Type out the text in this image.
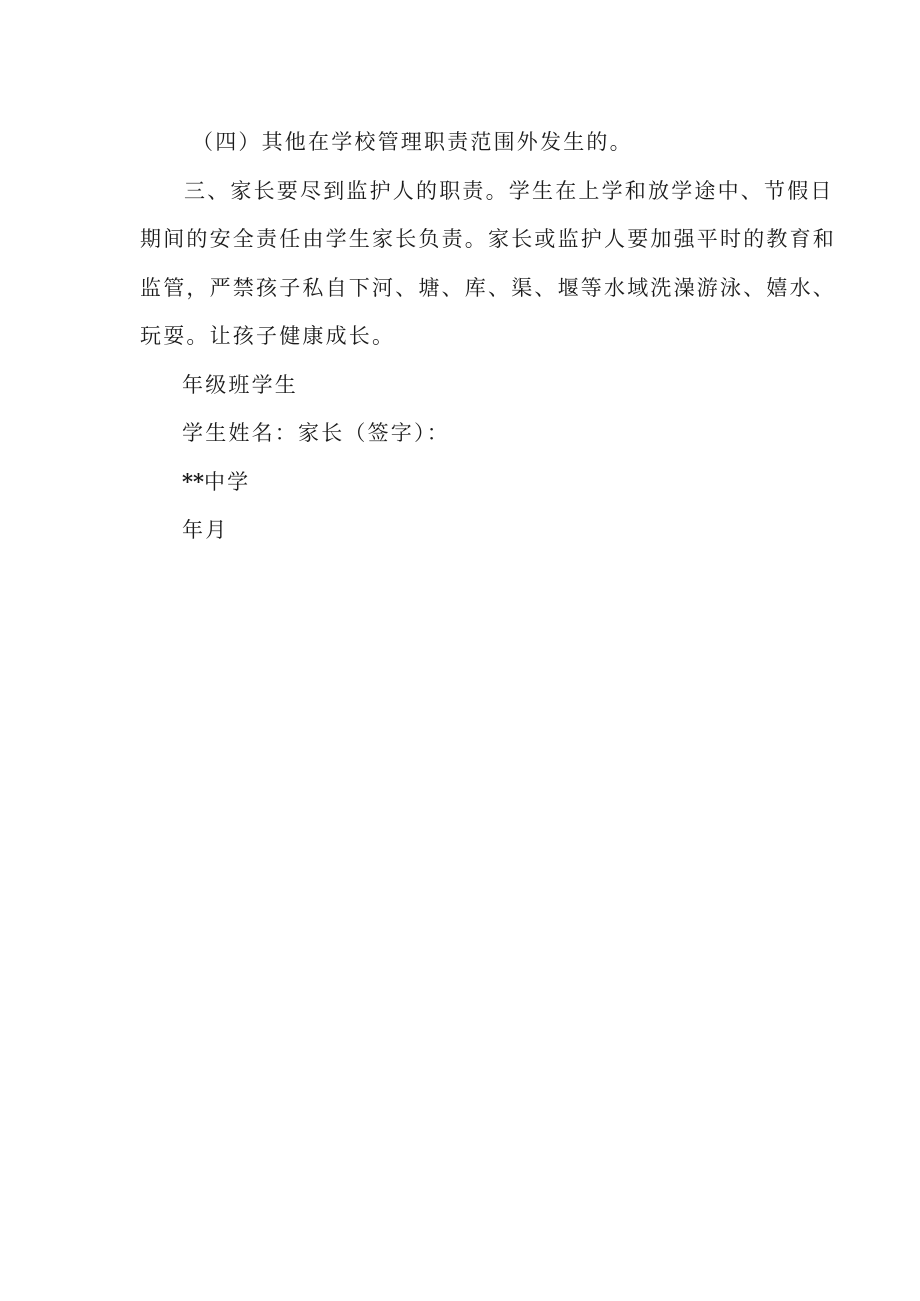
（四）其他在学校管理职责范围外发生的。

三、家长要尽到监护人的职责。学生在上学和放学途中、节假日
期间的安全责任由学生家长负责。家长或监护人要加强平时的教育和
监管，严禁孩子私自下河、塘、库、渠、堰等水域洗澡游泳、嬉水、
玩耍。让孩子健康成长。

年级班学生

学生姓名：家长（签字）：

**中学

年月
